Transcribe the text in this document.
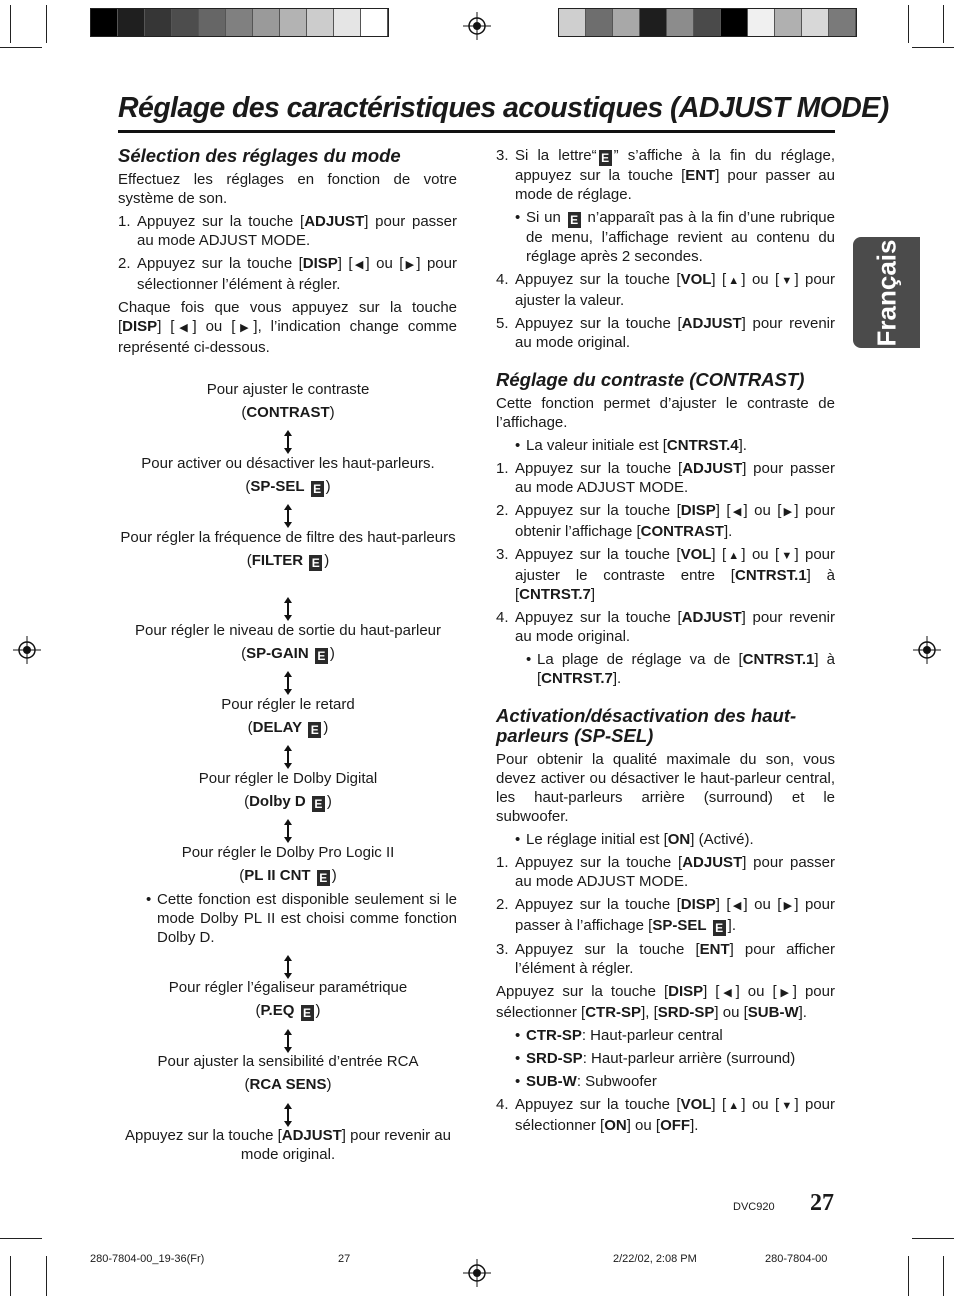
Réglage des caractéristiques acoustiques (ADJUST MODE)
Français
Sélection des réglages du mode

Effectuez les réglages en fonction de votre système de son.

1. Appuyez sur la touche [ADJUST] pour passer au mode ADJUST MODE.
2. Appuyez sur la touche [DISP] [◀] ou [▶] pour sélectionner l’élément à régler.

Chaque fois que vous appuyez sur la touche [DISP] [◀] ou [▶], l’indication change comme représenté ci-dessous.

Pour ajuster le contraste

(CONTRAST)

Pour activer ou désactiver les haut-parleurs.

(SP-SEL E )

Pour régler la fréquence de filtre des haut-parleurs

(FILTER E )

Pour régler le niveau de sortie du haut-parleur

(SP-GAIN E )

Pour régler le retard

(DELAY E )

Pour régler le Dolby Digital

(Dolby D E )

Pour régler le Dolby Pro Logic II

(PL II CNT E )

Pour régler l’égaliseur paramétrique

(P.EQ E )

Pour ajuster la sensibilité d’entrée RCA

(RCA SENS)

• Cette fonction est disponible seulement si le mode Dolby PL II est choisi comme fonction Dolby D.
Appuyez sur la touche [ADJUST] pour revenir au mode original.
3. Si la lettre“ E ” s’affiche à la fin du réglage, appuyez sur la touche [ENT] pour passer au mode de réglage.
• Si un E n’apparaît pas à la fin d’une rubrique de menu, l’affichage revient au contenu du réglage après 2 secondes.
4. Appuyez sur la touche [VOL] [▲] ou [▼] pour ajuster la valeur.
5. Appuyez sur la touche [ADJUST] pour revenir au mode original.
Réglage du contraste (CONTRAST)

Cette fonction permet d’ajuster le contraste de l’affichage.

• La valeur initiale est [CNTRST.4].
1. Appuyez sur la touche [ADJUST] pour passer au mode ADJUST MODE.
2. Appuyez sur la touche [DISP] [◀] ou [▶] pour obtenir l’affichage [CONTRAST].
3. Appuyez sur la touche [VOL] [▲] ou [▼] pour ajuster le contraste entre [CNTRST.1] à [CNTRST.7]
4. Appuyez sur la touche [ADJUST] pour revenir au mode original.
• La plage de réglage va de [CNTRST.1] à [CNTRST.7].
Activation/désactivation des haut-parleurs (SP-SEL)

Pour obtenir la qualité maximale du son, vous devez activer ou désactiver le haut-parleur central, les haut-parleurs arrière (surround) et le subwoofer.

• Le réglage initial est [ON] (Activé).
1. Appuyez sur la touche [ADJUST] pour passer au mode ADJUST MODE.
2. Appuyez sur la touche [DISP] [◀] ou [▶] pour passer à l’affichage [SP-SEL E ].
3. Appuyez sur la touche [ENT] pour afficher l’élément à régler.

Appuyez sur la touche [DISP] [◀] ou [▶] pour sélectionner [CTR-SP], [SRD-SP] ou [SUB-W].

• CTR-SP: Haut-parleur central
• SRD-SP: Haut-parleur arrière (surround)
• SUB-W: Subwoofer
4. Appuyez sur la touche [VOL] [▲] ou [▼] pour sélectionner [ON] ou [OFF].
DVC920 27
280-7804-00_19-36(Fr)	27	2/22/02, 2:08 PM	280-7804-00
